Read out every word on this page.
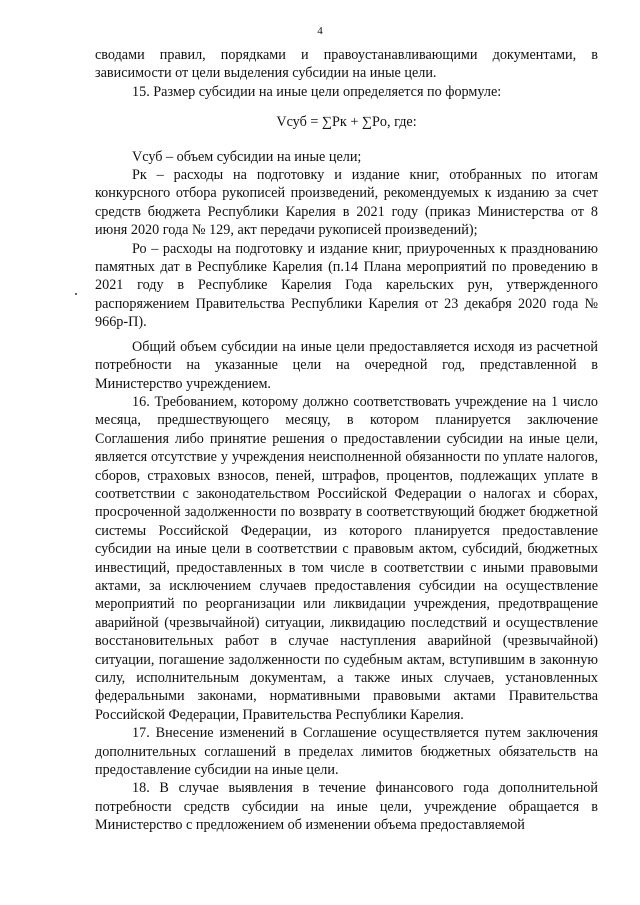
4

сводами правил, порядками и правоустанавливающими документами, в зависимости от цели выделения субсидии на иные цели.

15. Размер субсидии на иные цели определяется по формуле:

Vсуб = ∑Pк + ∑Pо, где:

Vсуб – объем субсидии на иные цели;

Рк – расходы на подготовку и издание книг, отобранных по итогам конкурсного отбора рукописей произведений, рекомендуемых к изданию за счет средств бюджета Республики Карелия в 2021 году (приказ Министерства от 8 июня 2020 года № 129, акт передачи рукописей произведений);

Ро – расходы на подготовку и издание книг, приуроченных к празднованию памятных дат в Республике Карелия (п.14 Плана мероприятий по проведению в 2021 году в Республике Карелия Года карельских рун, утвержденного распоряжением Правительства Республики Карелия от 23 декабря 2020 года № 966р-П).

Общий объем субсидии на иные цели предоставляется исходя из расчетной потребности на указанные цели на очередной год, представленной в Министерство учреждением.

16. Требованием, которому должно соответствовать учреждение на 1 число месяца, предшествующего месяцу, в котором планируется заключение Соглашения либо принятие решения о предоставлении субсидии на иные цели, является отсутствие у учреждения неисполненной обязанности по уплате налогов, сборов, страховых взносов, пеней, штрафов, процентов, подлежащих уплате в соответствии с законодательством Российской Федерации о налогах и сборах, просроченной задолженности по возврату в соответствующий бюджет бюджетной системы Российской Федерации, из которого планируется предоставление субсидии на иные цели в соответствии с правовым актом, субсидий, бюджетных инвестиций, предоставленных в том числе в соответствии с иными правовыми актами, за исключением случаев предоставления субсидии на осуществление мероприятий по реорганизации или ликвидации учреждения, предотвращение аварийной (чрезвычайной) ситуации, ликвидацию последствий и осуществление восстановительных работ в случае наступления аварийной (чрезвычайной) ситуации, погашение задолженности по судебным актам, вступившим в законную силу, исполнительным документам, а также иных случаев, установленных федеральными законами, нормативными правовыми актами Правительства Российской Федерации, Правительства Республики Карелия.

17. Внесение изменений в Соглашение осуществляется путем заключения дополнительных соглашений в пределах лимитов бюджетных обязательств на предоставление субсидии на иные цели.

18. В случае выявления в течение финансового года дополнительной потребности средств субсидии на иные цели, учреждение обращается в Министерство с предложением об изменении объема предоставляемой
